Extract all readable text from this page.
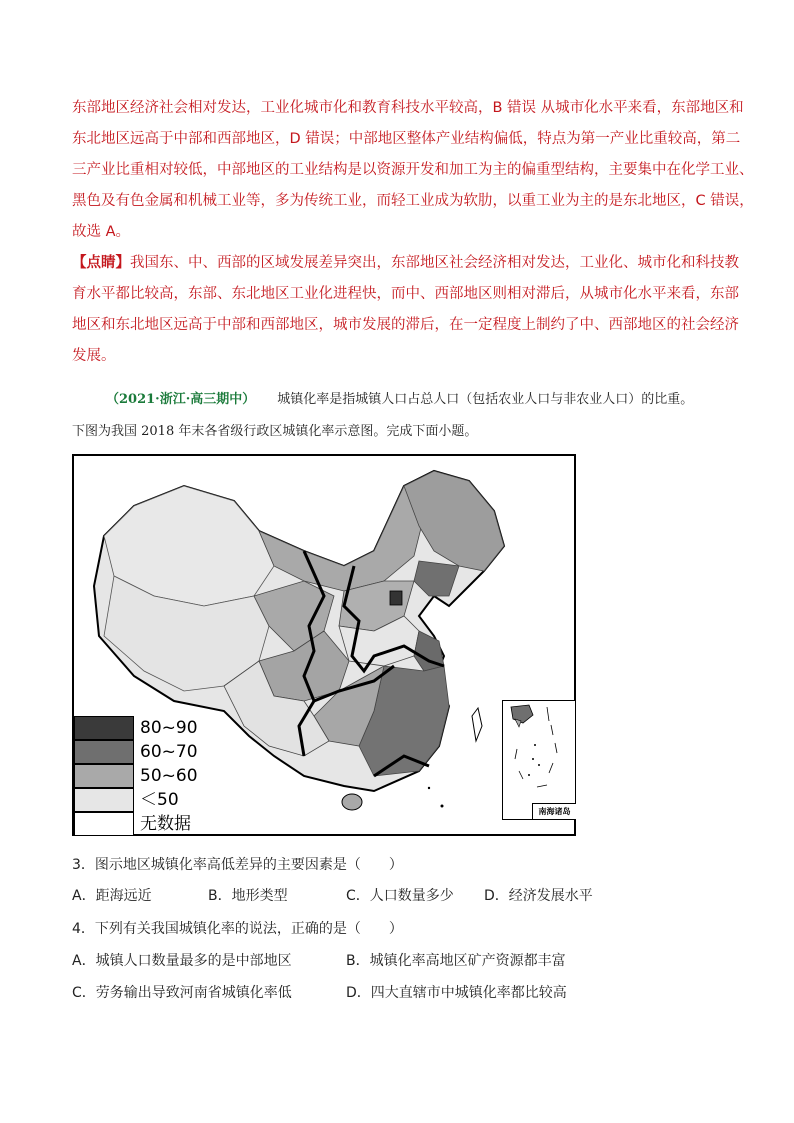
东部地区经济社会相对发达，工业化城市化和教育科技水平较高，B 错误 从城市化水平来看，东部地区和
东北地区远高于中部和西部地区，D 错误；中部地区整体产业结构偏低，特点为第一产业比重较高，第二
三产业比重相对较低，中部地区的工业结构是以资源开发和加工为主的偏重型结构，主要集中在化学工业、
黑色及有色金属和机械工业等，多为传统工业，而轻工业成为软肋，以重工业为主的是东北地区，C 错误，
故选 A。
【点睛】我国东、中、西部的区域发展差异突出，东部地区社会经济相对发达，工业化、城市化和科技教
育水平都比较高，东部、东北地区工业化进程快，而中、西部地区则相对滞后，从城市化水平来看，东部
地区和东北地区远高于中部和西部地区，城市发展的滞后，在一定程度上制约了中、西部地区的社会经济
发展。
（2021·浙江·高三期中） 城镇化率是指城镇人口占总人口（包括农业人口与非农业人口）的比重。
下图为我国 2018 年末各省级行政区城镇化率示意图。完成下面小题。
80~90
60~70
50~60
＜50
无数据
南海诸岛
3．图示地区城镇化率高低差异的主要因素是（　　）
A．距海远近	B．地形类型	C．人口数量多少 D．经济发展水平
4．下列有关我国城镇化率的说法，正确的是（　　）
A．城镇人口数量最多的是中部地区	B．城镇化率高地区矿产资源都丰富
C．劳务输出导致河南省城镇化率低	D．四大直辖市中城镇化率都比较高
